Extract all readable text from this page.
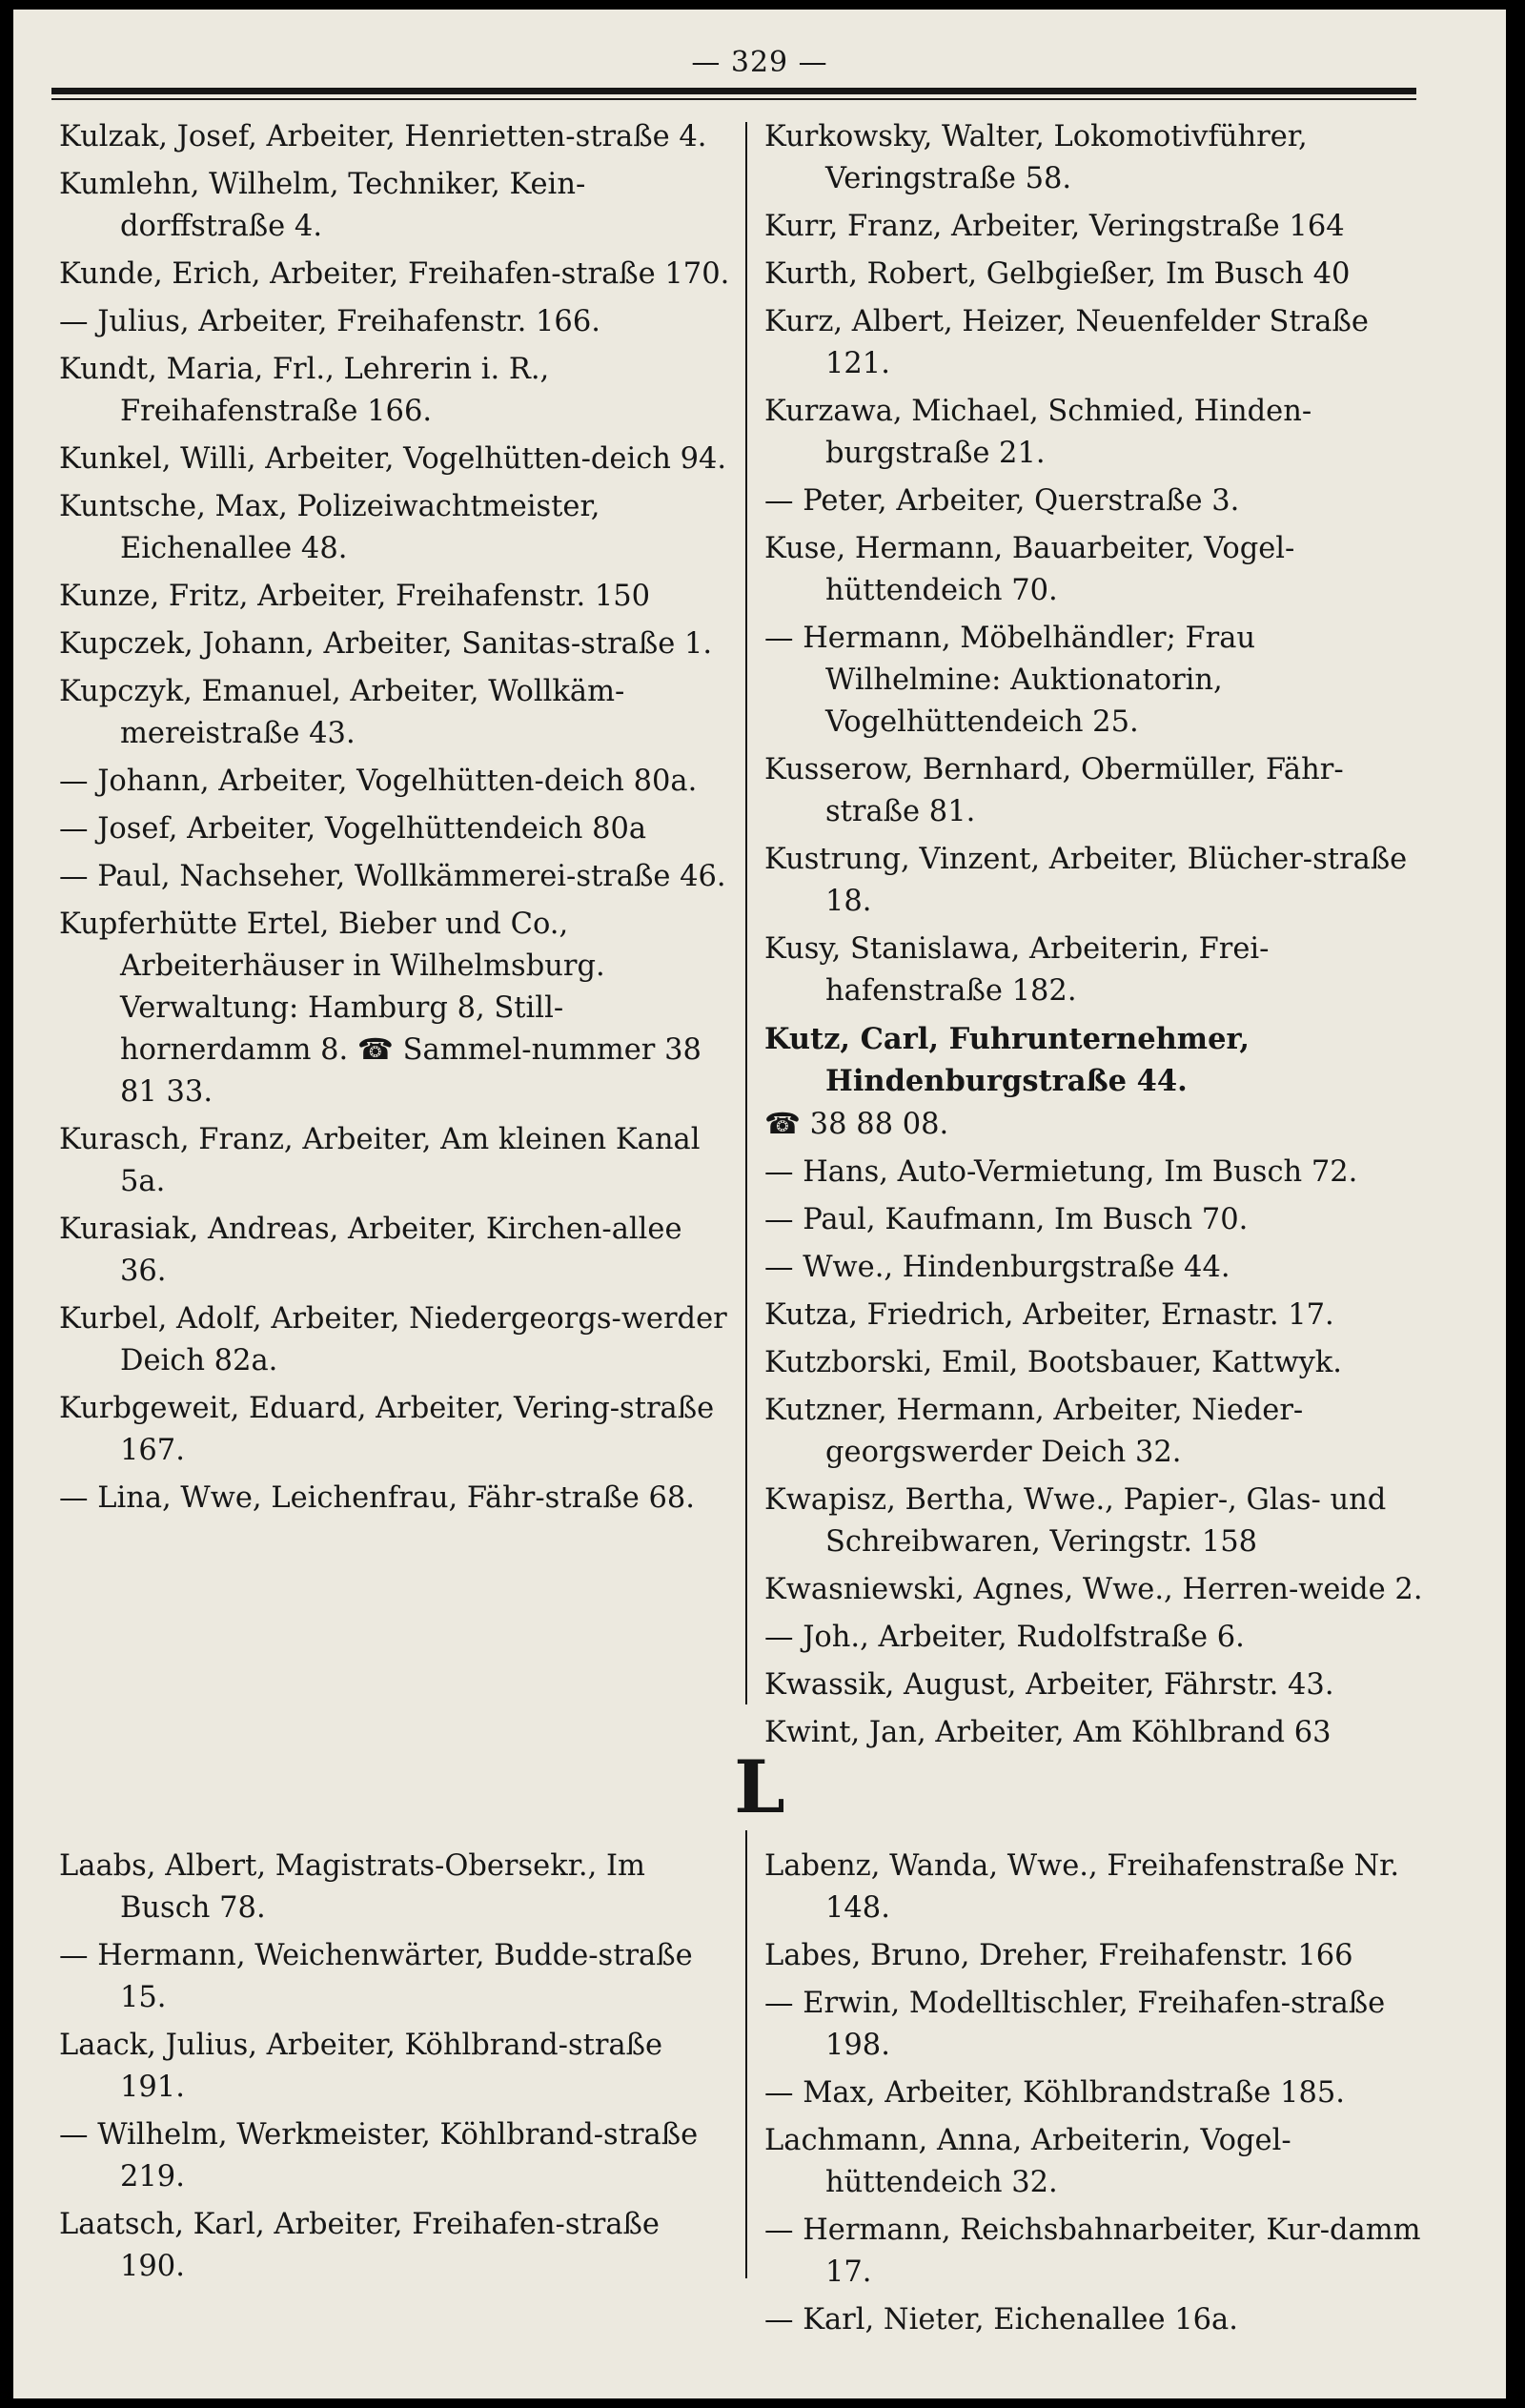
— 329 —
Kulzak, Josef, Arbeiter, Henrietten-straße 4.
Kumlehn, Wilhelm, Techniker, Kein-dorffstraße 4.
Kunde, Erich, Arbeiter, Freihafen-straße 170.
— Julius, Arbeiter, Freihafenstr. 166.
Kundt, Maria, Frl., Lehrerin i. R., Freihafenstraße 166.
Kunkel, Willi, Arbeiter, Vogelhütten-deich 94.
Kuntsche, Max, Polizeiwachtmeister, Eichenallee 48.
Kunze, Fritz, Arbeiter, Freihafenstr. 150
Kupczek, Johann, Arbeiter, Sanitas-straße 1.
Kupczyk, Emanuel, Arbeiter, Wollkäm-mereistraße 43.
— Johann, Arbeiter, Vogelhütten-deich 80a.
— Josef, Arbeiter, Vogelhüttendeich 80a
— Paul, Nachseher, Wollkämmerei-straße 46.
Kupferhütte Ertel, Bieber und Co., Arbeiterhäuser in Wilhelmsburg. Verwaltung: Hamburg 8, Still-hornerdamm 8. ☎ Sammel-nummer 38 81 33.
Kurasch, Franz, Arbeiter, Am kleinen Kanal 5a.
Kurasiak, Andreas, Arbeiter, Kirchen-allee 36.
Kurbel, Adolf, Arbeiter, Niedergeorgs-werder Deich 82a.
Kurbgeweit, Eduard, Arbeiter, Vering-straße 167.
— Lina, Wwe, Leichenfrau, Fähr-straße 68.
Kurkowsky, Walter, Lokomotivführer, Veringstraße 58.
Kurr, Franz, Arbeiter, Veringstraße 164
Kurth, Robert, Gelbgießer, Im Busch 40
Kurz, Albert, Heizer, Neuenfelder Straße 121.
Kurzawa, Michael, Schmied, Hinden-burgstraße 21.
— Peter, Arbeiter, Querstraße 3.
Kuse, Hermann, Bauarbeiter, Vogel-hüttendeich 70.
— Hermann, Möbelhändler; Frau Wilhelmine: Auktionatorin, Vogelhüttendeich 25.
Kusserow, Bernhard, Obermüller, Fähr-straße 81.
Kustrung, Vinzent, Arbeiter, Blücher-straße 18.
Kusy, Stanislawa, Arbeiterin, Frei-hafenstraße 182.
Kutz, Carl, Fuhrunternehmer, Hindenburgstraße 44.
☎ 38 88 08.
— Hans, Auto-Vermietung, Im Busch 72.
— Paul, Kaufmann, Im Busch 70.
— Wwe., Hindenburgstraße 44.
Kutza, Friedrich, Arbeiter, Ernastr. 17.
Kutzborski, Emil, Bootsbauer, Kattwyk.
Kutzner, Hermann, Arbeiter, Nieder-georgswerder Deich 32.
Kwapisz, Bertha, Wwe., Papier-, Glas- und Schreibwaren, Veringstr. 158
Kwasniewski, Agnes, Wwe., Herren-weide 2.
— Joh., Arbeiter, Rudolfstraße 6.
Kwassik, August, Arbeiter, Fährstr. 43.
Kwint, Jan, Arbeiter, Am Köhlbrand 63
L
Laabs, Albert, Magistrats-Obersekr., Im Busch 78.
— Hermann, Weichenwärter, Budde-straße 15.
Laack, Julius, Arbeiter, Köhlbrand-straße 191.
— Wilhelm, Werkmeister, Köhlbrand-straße 219.
Laatsch, Karl, Arbeiter, Freihafen-straße 190.
Labenz, Wanda, Wwe., Freihafenstraße Nr. 148.
Labes, Bruno, Dreher, Freihafenstr. 166
— Erwin, Modelltischler, Freihafen-straße 198.
— Max, Arbeiter, Köhlbrandstraße 185.
Lachmann, Anna, Arbeiterin, Vogel-hüttendeich 32.
— Hermann, Reichsbahnarbeiter, Kur-damm 17.
— Karl, Nieter, Eichenallee 16a.
